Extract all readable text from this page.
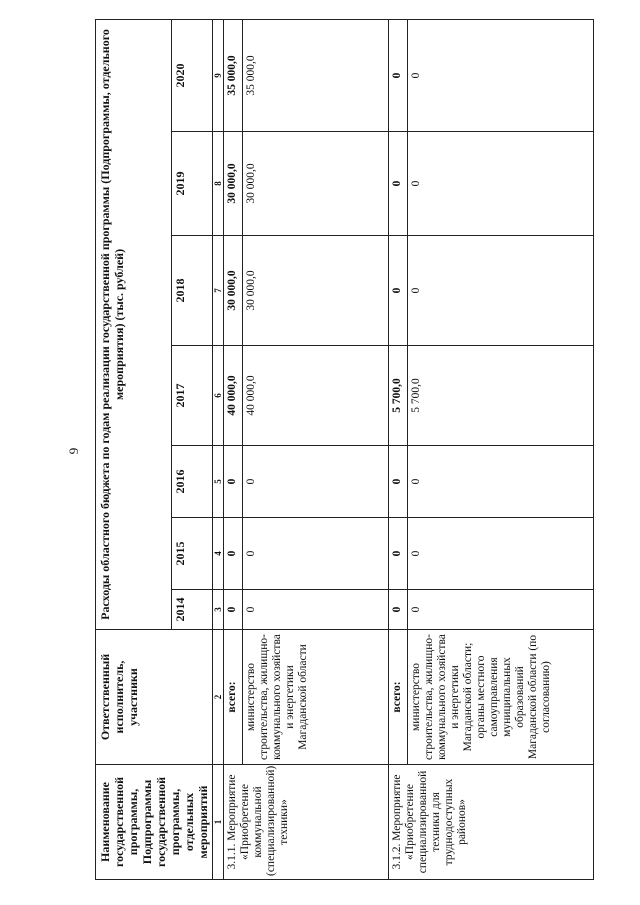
9
Наименование государственной программы, Подпрограммы государственной программы, отдельных мероприятий	Ответственный исполнитель, участники	Расходы областного бюджета по годам реализации государственной программы (Подпрограммы, отдельного мероприятия) (тыс. рублей)						
		2014	2015	2016	2017	2018	2019	2020
1	2	3	4	5	6	7	8	9
3.1.1. Мероприятие «Приобретение коммунальной (специализированной) техники»	всего:	0	0	0	40 000,0	30 000,0	30 000,0	35 000,0
	министерство строительства, жилищно-коммунального хозяйства и энергетики Магаданской области	0	0	0	40 000,0	30 000,0	30 000,0	35 000,0
3.1.2. Мероприятие «Приобретение специализированной техники для труднодоступных районов»	всего:	0	0	0	5 700,0	0	0	0
	министерство строительства, жилищно-коммунального хозяйства и энергетики Магаданской области; органы местного самоуправления муниципальных образований Магаданской области (по согласованию)	0	0	0	5 700,0	0	0	0
